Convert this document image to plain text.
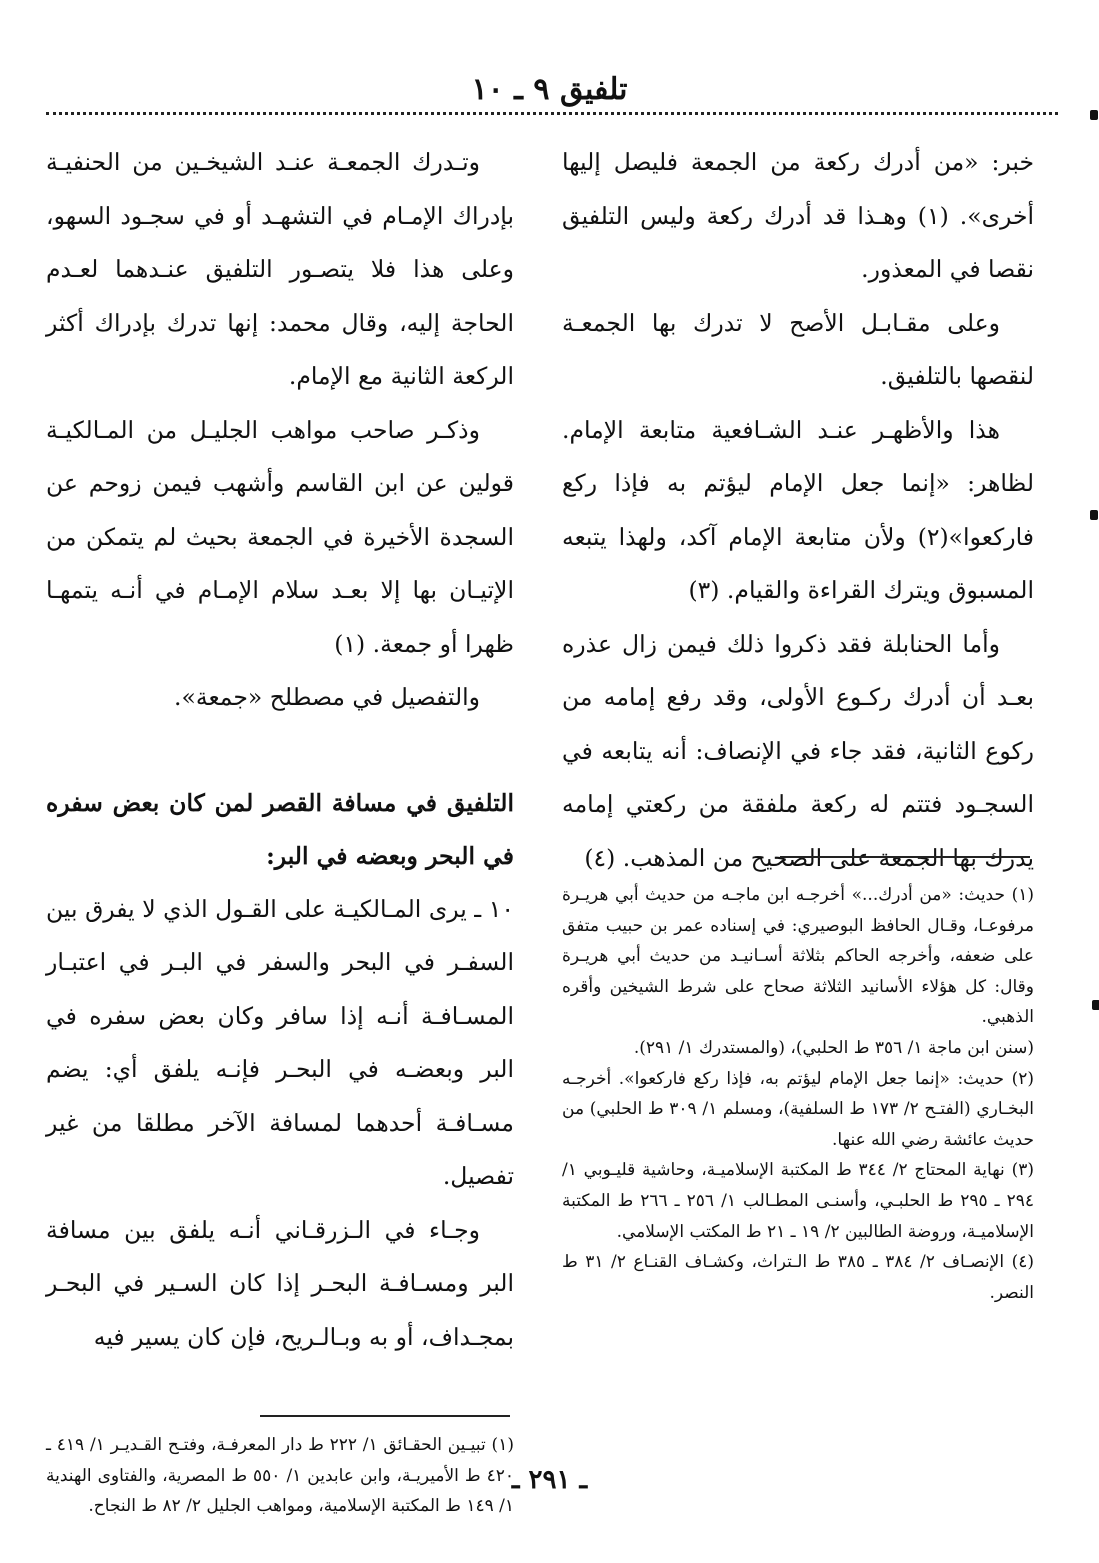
تلفيق ٩ ـ ١٠

خبر: «من أدرك ركعة من الجمعة فليصل إليها أخرى». (١) وهـذا قد أدرك ركعة وليس التلفيق نقصا في المعذور.

وعلى مقـابـل الأصح لا تدرك بها الجمعـة لنقصها بالتلفيق.

هذا والأظهـر عنـد الشـافعية متابعة الإمام. لظاهر: «إنما جعل الإمام ليؤتم به فإذا ركع فاركعوا»(٢) ولأن متابعة الإمام آكد، ولهذا يتبعه المسبوق ويترك القراءة والقيام. (٣)

وأما الحنابلة فقد ذكروا ذلك فيمن زال عذره بعـد أن أدرك ركـوع الأولى، وقد رفع إمامه من ركوع الثانية، فقد جاء في الإنصاف: أنه يتابعه في السجـود فتتم له ركعة ملفقة من ركعتي إمامه يدرك بها الجمعة على الصحيح من المذهب. (٤)

وتـدرك الجمعـة عنـد الشيخـين من الحنفيـة بإدراك الإمـام في التشهـد أو في سجـود السهو، وعلى هذا فلا يتصـور التلفيق عنـدهما لعـدم الحاجة إليه، وقال محمد: إنها تدرك بإدراك أكثر الركعة الثانية مع الإمام.

وذكـر صاحب مواهب الجليـل من المـالكيـة قولين عن ابن القاسم وأشهب فيمن زوحم عن السجدة الأخيرة في الجمعة بحيث لم يتمكن من الإتيـان بها إلا بعـد سلام الإمـام في أنـه يتمهـا ظهرا أو جمعة. (١)

والتفصيل في مصطلح «جمعة».

التلفيق في مسافة القصر لمن كان بعض سفره في البحر وبعضه في البر:

١٠ ـ يرى المـالكيـة على القـول الذي لا يفرق بين السفـر في البحر والسفر في البـر في اعتبـار المسـافـة أنـه إذا سافر وكان بعض سفره في البر وبعضـه في البحـر فإنـه يلفق أي: يضم مسـافـة أحدهما لمسافة الآخر مطلقا من غير تفصيل.

وجـاء في الـزرقـاني أنـه يلفق بين مسافة البر ومسـافـة البحـر إذا كان السـير في البحـر بمجـداف، أو به وبـالـريح، فإن كان يسير فيه

(١) حديث: «من أدرك...» أخرجـه ابن ماجـه من حديث أبي هريـرة مرفوعـا، وقـال الحافظ البوصيري: في إسناده عمر بن حبيب متفق على ضعفه، وأخرجه الحاكم بثلاثة أسـانيـد من حديث أبي هريـرة وقال: كل هؤلاء الأسانيد الثلاثة صحاح على شرط الشيخين وأقره الذهبي.

(سنن ابن ماجة ١/ ٣٥٦ ط الحلبي)، (والمستدرك ١/ ٢٩١).

(٢) حديث: «إنما جعل الإمام ليؤتم به، فإذا ركع فاركعوا». أخرجـه البخـاري (الفتـح ٢/ ١٧٣ ط السلفية)، ومسلم ١/ ٣٠٩ ط الحلبي) من حديث عائشة رضي الله عنها.

(٣) نهاية المحتاج ٢/ ٣٤٤ ط المكتبة الإسلاميـة، وحاشية قليـوبي ١/ ٢٩٤ ـ ٢٩٥ ط الحلبـي، وأسنـى المطـالب ١/ ٢٥٦ ـ ٢٦٦ ط المكتبة الإسلاميـة، وروضة الطالبين ٢/ ١٩ ـ ٢١ ط المكتب الإسلامي.

(٤) الإنصـاف ٢/ ٣٨٤ ـ ٣٨٥ ط الـتراث، وكشـاف القنـاع ٢/ ٣١ ط النصر.

(١) تبيـين الحقـائق ١/ ٢٢٢ ط دار المعرفـة، وفتـح القـديـر ١/ ٤١٩ ـ ٤٢٠ ط الأميريـة، وابن عابدين ١/ ٥٥٠ ط المصرية، والفتاوى الهندية ١/ ١٤٩ ط المكتبة الإسلامية، ومواهب الجليل ٢/ ٨٢ ط النجاح.

ـ ٢٩١ ـ
